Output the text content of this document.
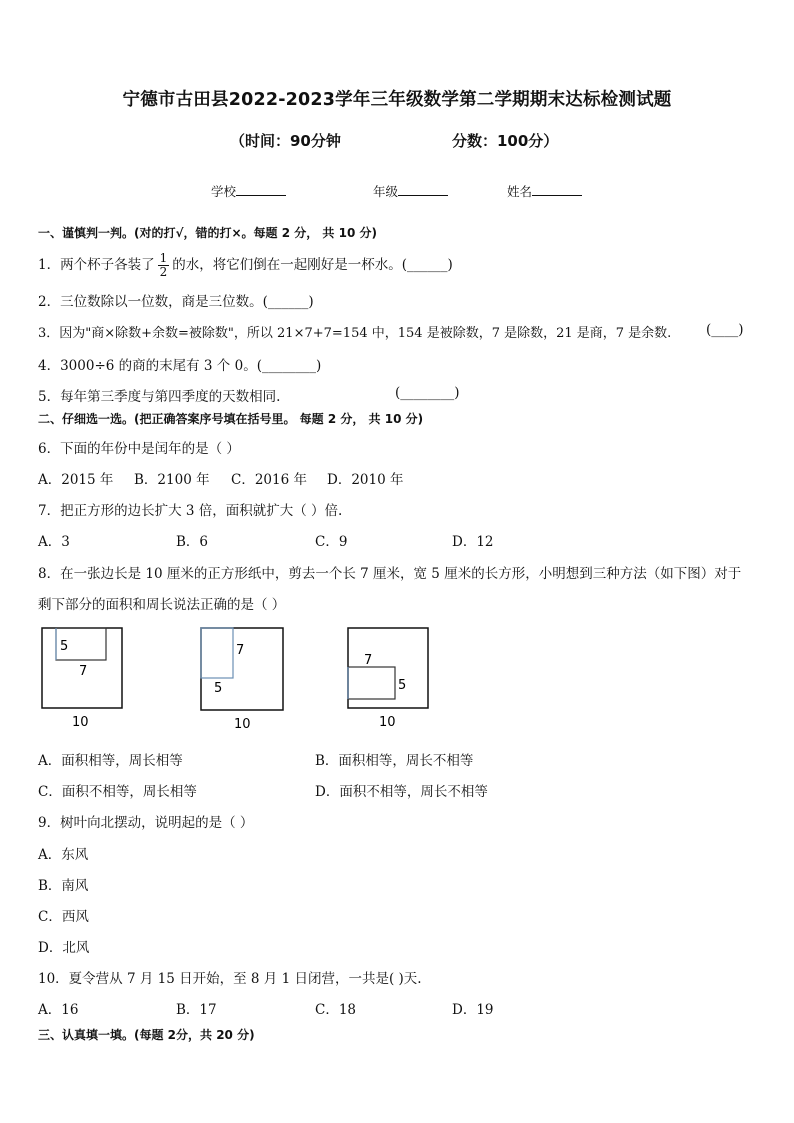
宁德市古田县2022-2023学年三年级数学第二学期期末达标检测试题
（时间：90分钟	分数：100分）
学校	年级	姓名
一、谨慎判一判。(对的打√，错的打×。每题 2 分， 共 10 分)
1．两个杯子各装了 $\frac{1}{2}$ 的水，将它们倒在一起刚好是一杯水。(______)
2．三位数除以一位数，商是三位数。(______)
3．因为"商×除数+余数=被除数"，所以 21×7+7=154 中，154 是被除数，7 是除数，21 是商，7 是余数.	(____)
4．3000÷6 的商的末尾有 3 个 0。(________)
5．每年第三季度与第四季度的天数相同.	(________)
二、仔细选一选。(把正确答案序号填在括号里。 每题 2 分， 共 10 分)
6．下面的年份中是闰年的是（ ）
A．2015 年 B．2100 年 C．2016 年 D．2010 年
7．把正方形的边长扩大 3 倍，面积就扩大（ ）倍.
A．3	B．6	C．9	D．12
8．在一张边长是 10 厘米的正方形纸中，剪去一个长 7 厘米，宽 5 厘米的长方形，小明想到三种方法（如下图）对于
剩下部分的面积和周长说法正确的是（ ）
5
7
10
7
5
10
7
5
10
A．面积相等，周长相等	B．面积相等，周长不相等
C．面积不相等，周长相等	D．面积不相等，周长不相等
9．树叶向北摆动，说明起的是（ ）
A．东风
B．南风
C．西风
D．北风
10．夏令营从 7 月 15 日开始，至 8 月 1 日闭营，一共是( )天.
A．16	B．17	C．18	D．19
三、认真填一填。(每题 2分，共 20 分)
